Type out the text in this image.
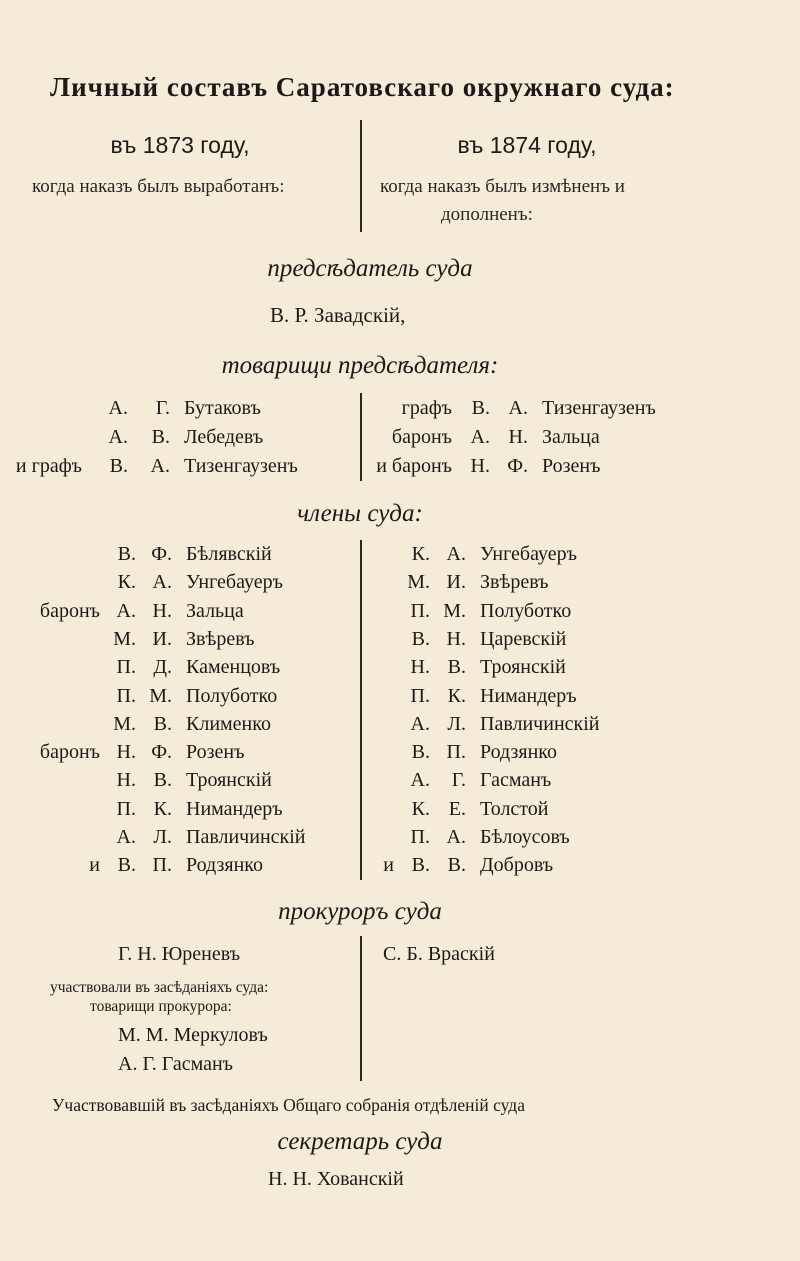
Личный составъ Саратовскаго окружнаго суда:
въ 1873 году,	въ 1874 году,
когда наказъ былъ выработанъ:	когда наказъ былъ измѣненъ и
дополненъ:
предсѣдатель суда
В. Р. Завадскій,
товарищи предсѣдателя:
А.	Г. Бутаковъ
А.	В. Лебедевъ
и графъ	В.	А. Тизенгаузенъ
графъ В. А. Тизенгаузенъ
баронъ А. Н. Зальца
и баронъ Н. Ф. Розенъ
члены суда:
В. Ф. Бѣлявскій
К. А. Унгебауеръ
баронъ А. Н. Зальца
М. И. Звѣревъ
П. Д. Каменцовъ
П. М. Полуботко
М. В. Клименко
баронъ Н. Ф. Розенъ
Н. В. Троянскій
П. К. Нимандеръ
А. Л. Павличинскій
и В. П. Родзянко
К. А. Унгебауеръ
М. И. Звѣревъ
П. М. Полуботко
В. Н. Царевскій
Н. В. Троянскій
П. К. Нимандеръ
А. Л. Павличинскій
В. П. Родзянко
А.	Г. Гасманъ
К. Е. Толстой
П. А. Бѣлоусовъ
и В. В. Добровъ
прокуроръ суда
Г. Н. Юреневъ	С. Б. Враскій
участвовали въ засѣданіяхъ суда:
товарищи прокурора:
М. М. Меркуловъ
А. Г. Гасманъ
Участвовавшій въ засѣданіяхъ Общаго собранія отдѣленій суда
секретарь суда
Н. Н. Хованскій
